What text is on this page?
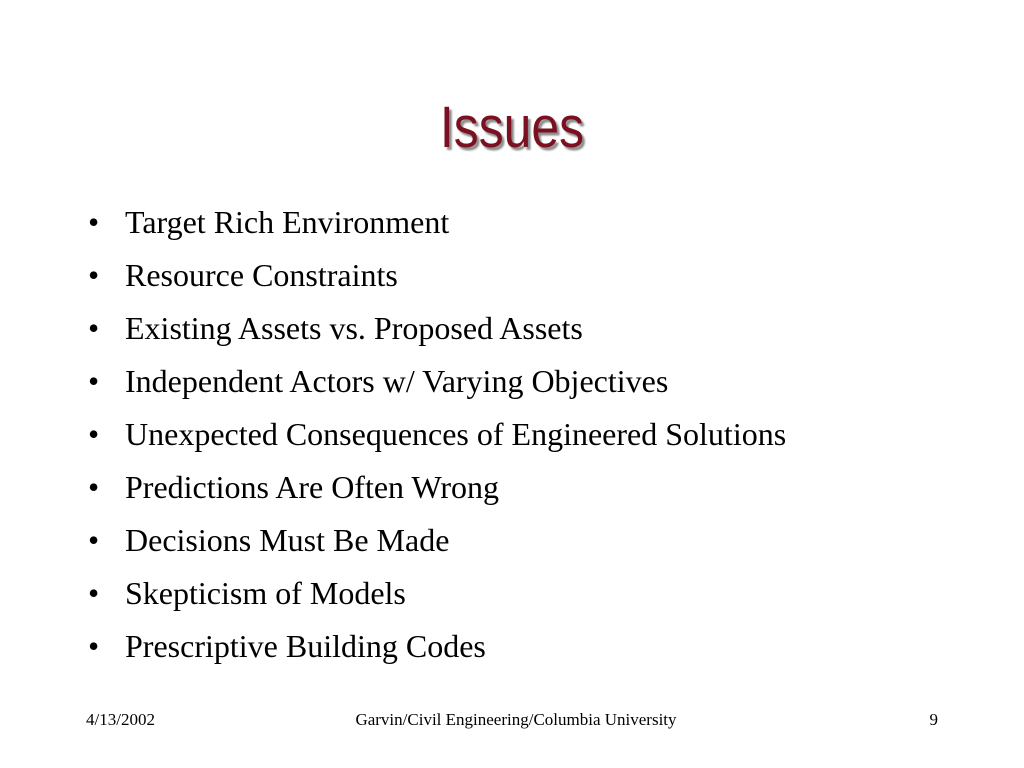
Issues
• Target Rich Environment
• Resource Constraints
• Existing Assets vs. Proposed Assets
• Independent Actors w/ Varying Objectives
• Unexpected Consequences of Engineered Solutions
• Predictions Are Often Wrong
• Decisions Must Be Made
• Skepticism of Models
• Prescriptive Building Codes
4/13/2002	Garvin/Civil Engineering/Columbia University	9
